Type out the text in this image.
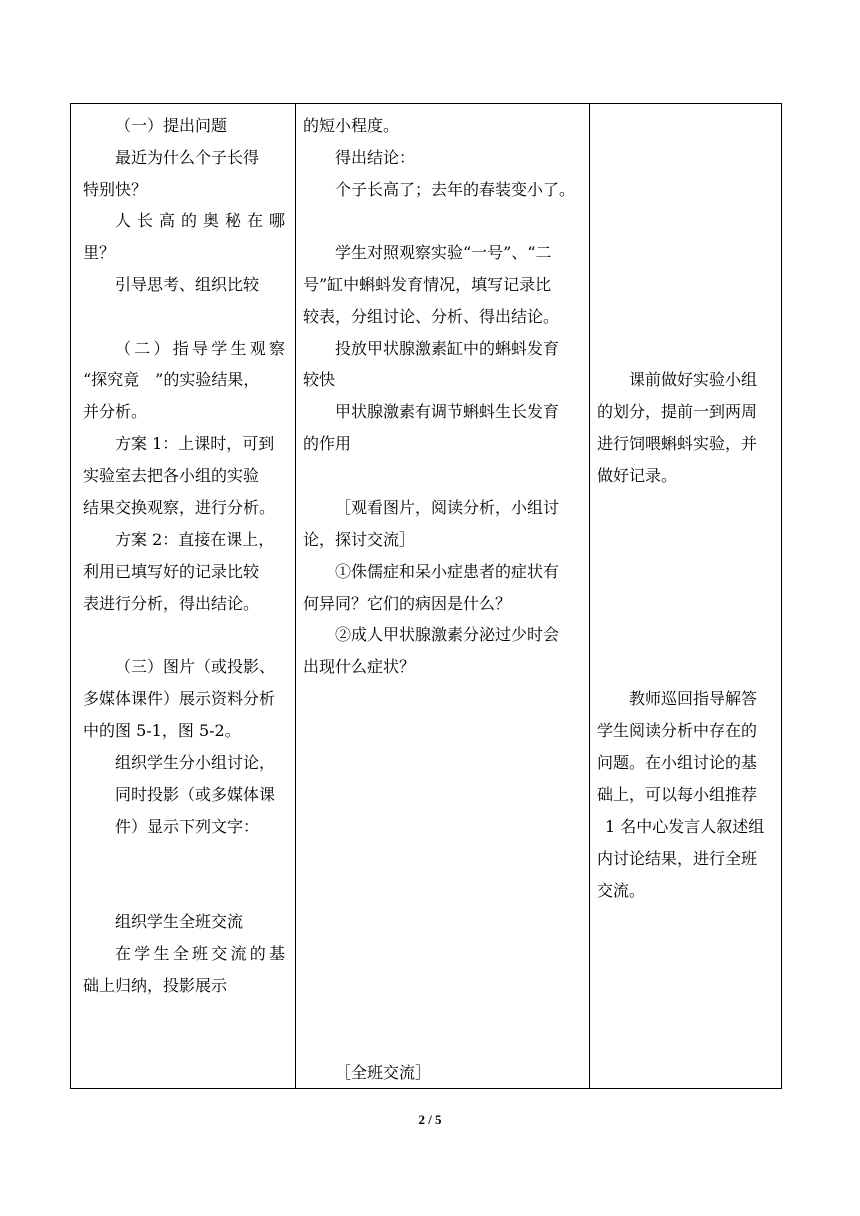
（一）提出问题
最近为什么个子长得
特别快？
人长高的奥秘在哪
里？
引导思考、组织比较
（二）指导学生观察
“探究竟　”的实验结果，
并分析。
方案 1：上课时，可到
实验室去把各小组的实验
结果交换观察，进行分析。
方案 2：直接在课上，
利用已填写好的记录比较
表进行分析，得出结论。
（三）图片（或投影、
多媒体课件）展示资料分析
中的图 5-1，图 5-2。
组织学生分小组讨论，
同时投影（或多媒体课
件）显示下列文字：
组织学生全班交流
在学生全班交流的基
础上归纳，投影展示
的短小程度。
得出结论：
个子长高了；去年的春装变小了。
学生对照观察实验“一号”、“二
号”缸中蝌蚪发育情况，填写记录比
较表，分组讨论、分析、得出结论。
投放甲状腺激素缸中的蝌蚪发育
较快
甲状腺激素有调节蝌蚪生长发育
的作用
［观看图片，阅读分析，小组讨
论，探讨交流］
①侏儒症和呆小症患者的症状有
何异同？它们的病因是什么？
②成人甲状腺激素分泌过少时会
出现什么症状？
［全班交流］
课前做好实验小组
的划分，提前一到两周
进行饲喂蝌蚪实验，并
做好记录。
教师巡回指导解答
学生阅读分析中存在的
问题。在小组讨论的基
础上，可以每小组推荐
1 名中心发言人叙述组
内讨论结果，进行全班
交流。
2 / 5
